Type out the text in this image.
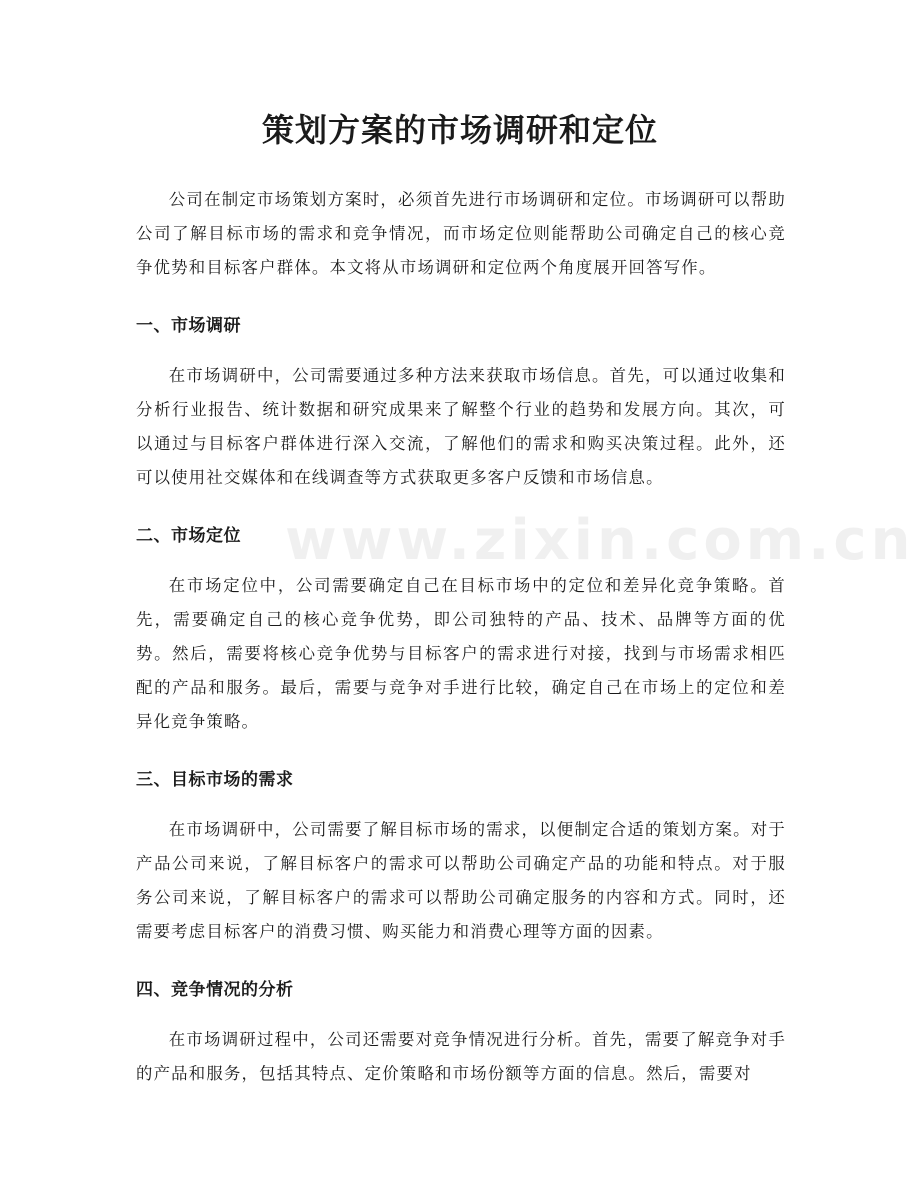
www.zixin.com.cn
策划方案的市场调研和定位

公司在制定市场策划方案时，必须首先进行市场调研和定位。市场调研可以帮助公司了解目标市场的需求和竞争情况，而市场定位则能帮助公司确定自己的核心竞争优势和目标客户群体。本文将从市场调研和定位两个角度展开回答写作。

一、市场调研

在市场调研中，公司需要通过多种方法来获取市场信息。首先，可以通过收集和分析行业报告、统计数据和研究成果来了解整个行业的趋势和发展方向。其次，可以通过与目标客户群体进行深入交流，了解他们的需求和购买决策过程。此外，还可以使用社交媒体和在线调查等方式获取更多客户反馈和市场信息。

二、市场定位

在市场定位中，公司需要确定自己在目标市场中的定位和差异化竞争策略。首先，需要确定自己的核心竞争优势，即公司独特的产品、技术、品牌等方面的优势。然后，需要将核心竞争优势与目标客户的需求进行对接，找到与市场需求相匹配的产品和服务。最后，需要与竞争对手进行比较，确定自己在市场上的定位和差异化竞争策略。

三、目标市场的需求

在市场调研中，公司需要了解目标市场的需求，以便制定合适的策划方案。对于产品公司来说，了解目标客户的需求可以帮助公司确定产品的功能和特点。对于服务公司来说，了解目标客户的需求可以帮助公司确定服务的内容和方式。同时，还需要考虑目标客户的消费习惯、购买能力和消费心理等方面的因素。

四、竞争情况的分析

在市场调研过程中，公司还需要对竞争情况进行分析。首先，需要了解竞争对手的产品和服务，包括其特点、定价策略和市场份额等方面的信息。然后，需要对
